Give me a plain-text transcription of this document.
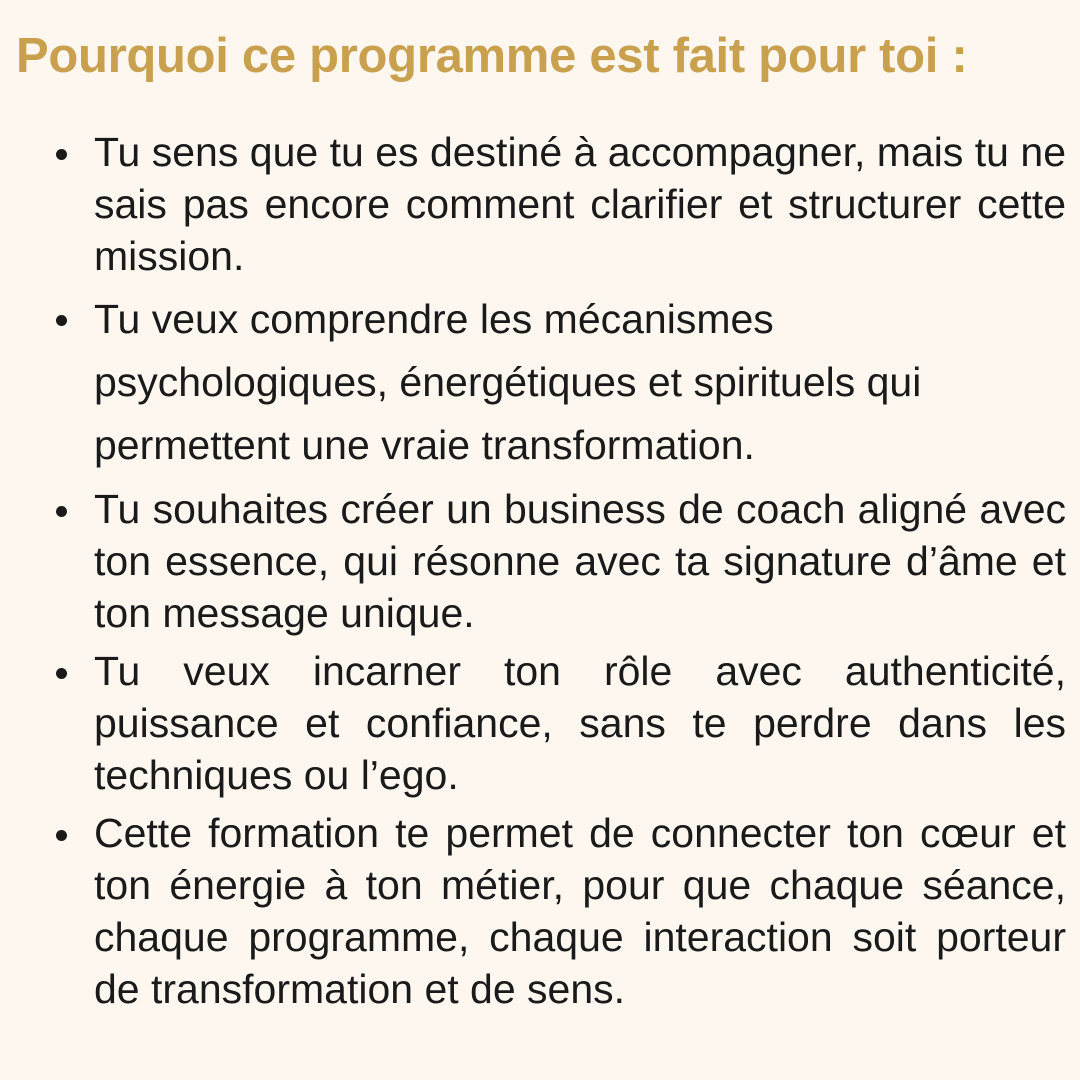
Pourquoi ce programme est fait pour toi :
Tu sens que tu es destiné à accompagner, mais tu ne sais pas encore comment clarifier et structurer cette mission.
Tu veux comprendre les mécanismes psychologiques, énergétiques et spirituels qui permettent une vraie transformation.
Tu souhaites créer un business de coach aligné avec ton essence, qui résonne avec ta signature d’âme et ton message unique.
Tu veux incarner ton rôle avec authenticité, puissance et confiance, sans te perdre dans les techniques ou l’ego.
Cette formation te permet de connecter ton cœur et ton énergie à ton métier, pour que chaque séance, chaque programme, chaque interaction soit porteur de transformation et de sens.
